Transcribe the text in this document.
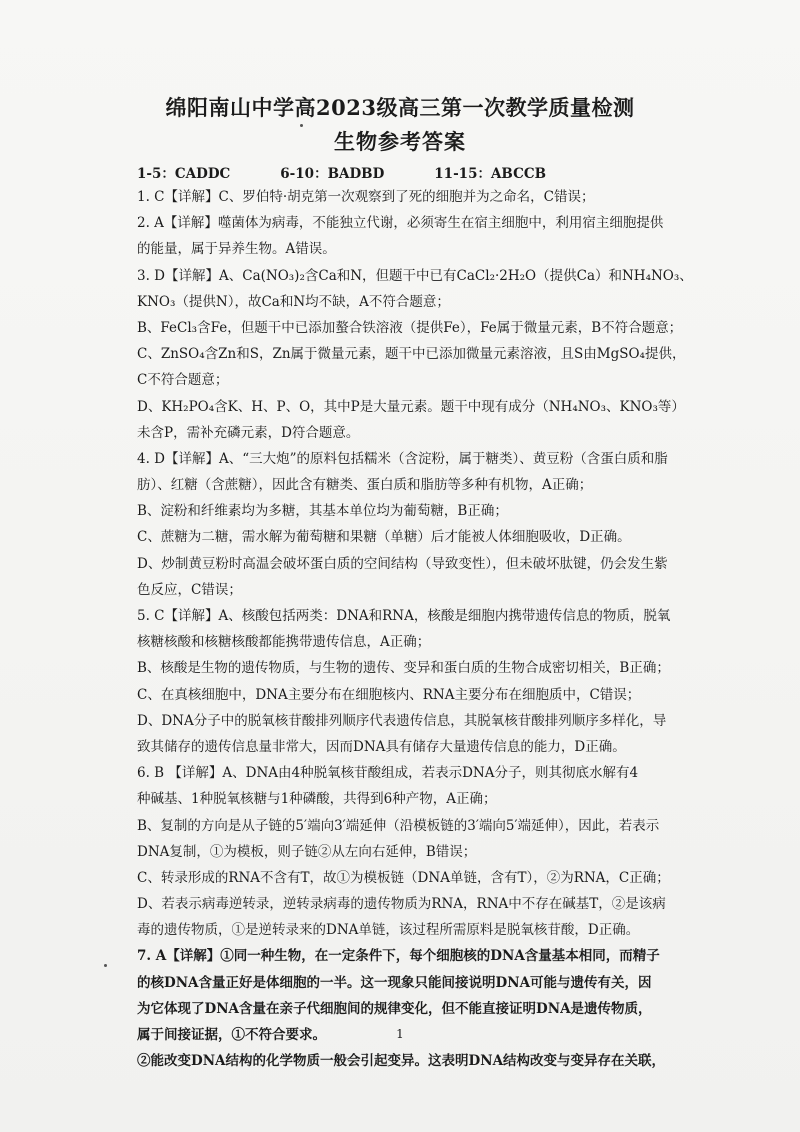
绵阳南山中学高2023级高三第一次教学质量检测
生物参考答案
1-5：CADDC	6-10：BADBD	11-15：ABCCB
1. C【详解】C、罗伯特·胡克第一次观察到了死的细胞并为之命名，C错误；
2. A【详解】噬菌体为病毒，不能独立代谢，必须寄生在宿主细胞中，利用宿主细胞提供
的能量，属于异养生物。A错误。
3. D【详解】A、Ca(NO₃)₂含Ca和N，但题干中已有CaCl₂·2H₂O（提供Ca）和NH₄NO₃、
KNO₃（提供N），故Ca和N均不缺，A不符合题意；
B、FeCl₃含Fe，但题干中已添加螯合铁溶液（提供Fe），Fe属于微量元素，B不符合题意；
C、ZnSO₄含Zn和S，Zn属于微量元素，题干中已添加微量元素溶液，且S由MgSO₄提供，
C不符合题意；
D、KH₂PO₄含K、H、P、O，其中P是大量元素。题干中现有成分（NH₄NO₃、KNO₃等）
未含P，需补充磷元素，D符合题意。
4. D【详解】A、“三大炮”的原料包括糯米（含淀粉，属于糖类）、黄豆粉（含蛋白质和脂
肪）、红糖（含蔗糖），因此含有糖类、蛋白质和脂肪等多种有机物，A正确；
B、淀粉和纤维素均为多糖，其基本单位均为葡萄糖，B正确；
C、蔗糖为二糖，需水解为葡萄糖和果糖（单糖）后才能被人体细胞吸收，D正确。
D、炒制黄豆粉时高温会破坏蛋白质的空间结构（导致变性），但未破坏肽键，仍会发生紫
色反应，C错误；
5. C【详解】A、核酸包括两类：DNA和RNA，核酸是细胞内携带遗传信息的物质，脱氧
核糖核酸和核糖核酸都能携带遗传信息，A正确；
B、核酸是生物的遗传物质，与生物的遗传、变异和蛋白质的生物合成密切相关，B正确；
C、在真核细胞中，DNA主要分布在细胞核内、RNA主要分布在细胞质中，C错误；
D、DNA分子中的脱氧核苷酸排列顺序代表遗传信息，其脱氧核苷酸排列顺序多样化，导
致其储存的遗传信息量非常大，因而DNA具有储存大量遗传信息的能力，D正确。
6. B 【详解】A、DNA由4种脱氧核苷酸组成，若表示DNA分子，则其彻底水解有4
种碱基、1种脱氧核糖与1种磷酸，共得到6种产物，A正确；
B、复制的方向是从子链的5′端向3′端延伸（沿模板链的3′端向5′端延伸），因此，若表示
DNA复制，①为模板，则子链②从左向右延伸，B错误；
C、转录形成的RNA不含有T，故①为模板链（DNA单链，含有T），②为RNA，C正确；
D、若表示病毒逆转录，逆转录病毒的遗传物质为RNA，RNA中不存在碱基T，②是该病
毒的遗传物质，①是逆转录来的DNA单链，该过程所需原料是脱氧核苷酸，D正确。
7. A【详解】①同一种生物，在一定条件下，每个细胞核的DNA含量基本相同，而精子
的核DNA含量正好是体细胞的一半。这一现象只能间接说明DNA可能与遗传有关，因
为它体现了DNA含量在亲子代细胞间的规律变化，但不能直接证明DNA是遗传物质，
属于间接证据，①不符合要求。
②能改变DNA结构的化学物质一般会引起变异。这表明DNA结构改变与变异存在关联，
1
